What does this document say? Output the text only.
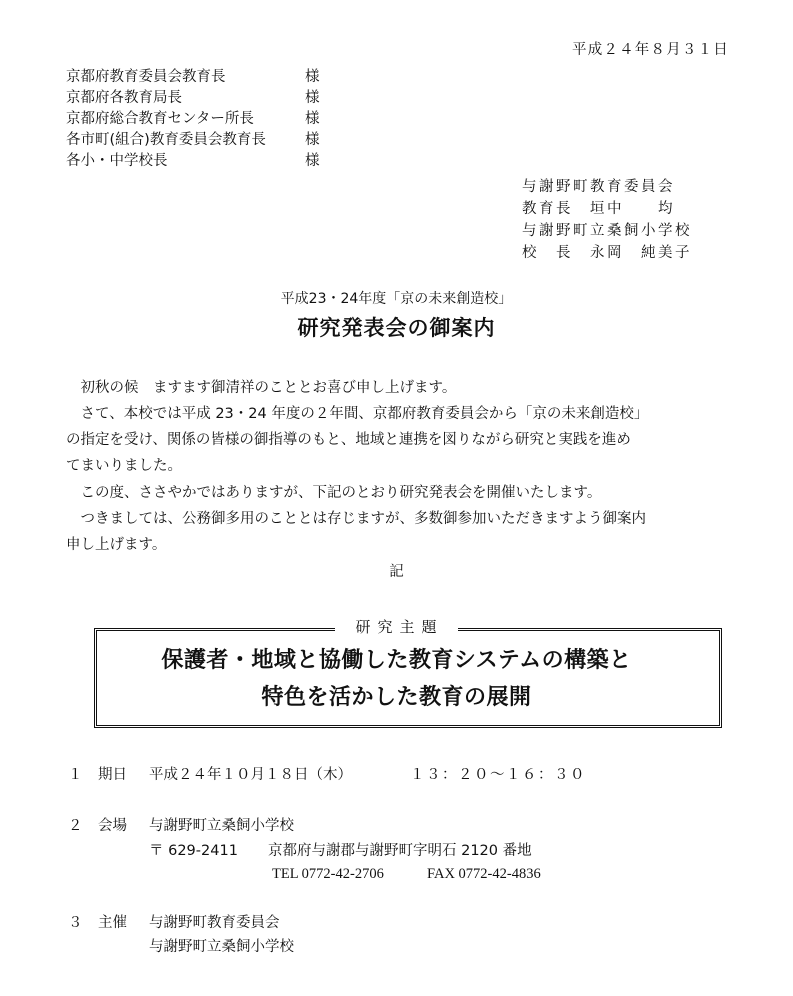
平成２４年８月３１日
京都府教育委員会教育長	様
京都府各教育局長	様
京都府総合教育センター所長	様
各市町(組合)教育委員会教育長	様
各小・中学校長	様
与謝野町教育委員会
教育長　垣中　　均
与謝野町立桑飼小学校
校　長　永岡　純美子
平成23・24年度「京の未来創造校」
研究発表会の御案内
　初秋の候　ますます御清祥のこととお喜び申し上げます。
　さて、本校では平成 23・24 年度の２年間、京都府教育委員会から「京の未来創造校」
の指定を受け、関係の皆様の御指導のもと、地域と連携を図りながら研究と実践を進め
てまいりました。
　この度、ささやかではありますが、下記のとおり研究発表会を開催いたします。
　つきましては、公務御多用のこととは存じますが、多数御参加いただきますよう御案内
申し上げます。
記
研究主題
保護者・地域と協働した教育システムの構築と
特色を活かした教育の展開
１ 期日 平成２４年１０月１８日（木）	１３：２０～１６：３０
２ 会場 与謝野町立桑飼小学校
〒 629-2411 京都府与謝郡与謝野町字明石 2120 番地
TEL 0772-42-2706	FAX 0772-42-4836
３ 主催 与謝野町教育委員会
与謝野町立桑飼小学校
